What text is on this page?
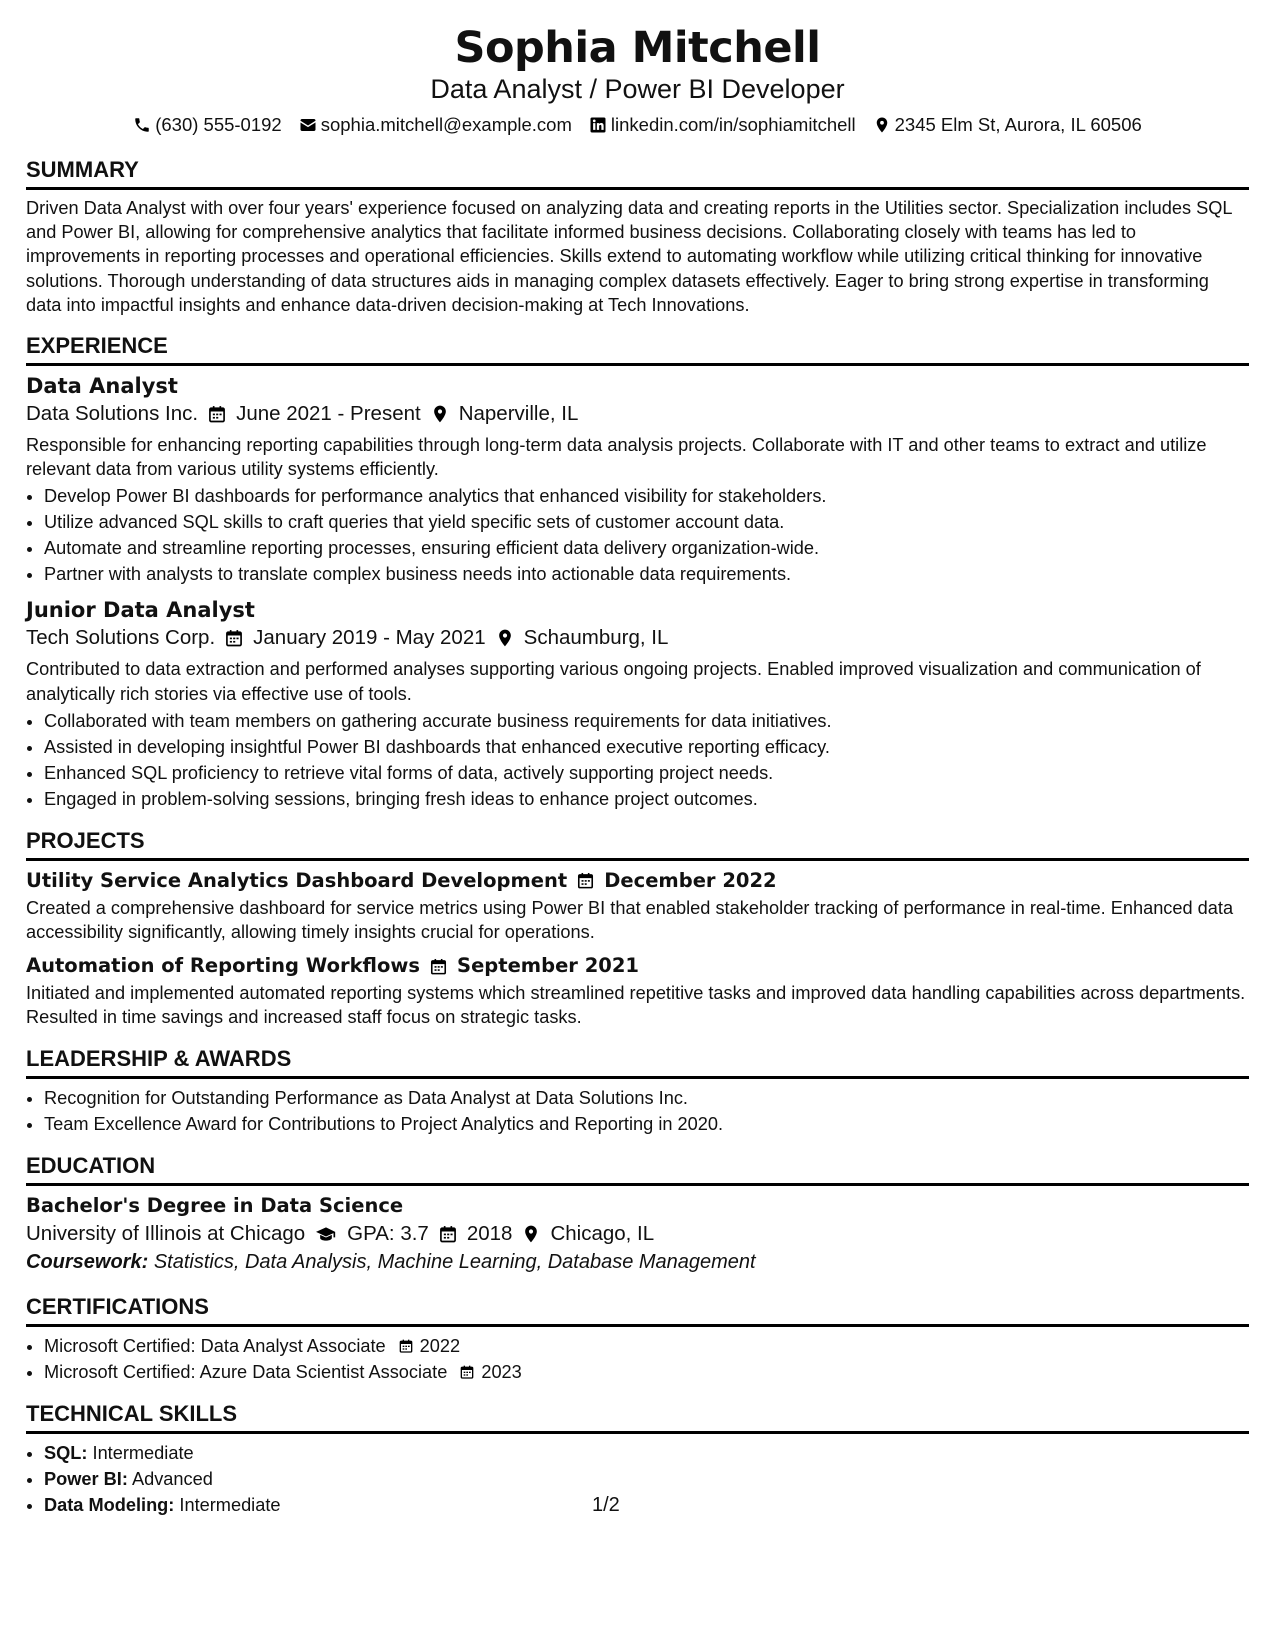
Sophia Mitchell
Data Analyst / Power BI Developer
(630) 555-0192 sophia.mitchell@example.com linkedin.com/in/sophiamitchell 2345 Elm St, Aurora, IL 60506
SUMMARY

Driven Data Analyst with over four years' experience focused on analyzing data and creating reports in the Utilities sector. Specialization includes SQL and Power BI, allowing for comprehensive analytics that facilitate informed business decisions. Collaborating closely with teams has led to improvements in reporting processes and operational efficiencies. Skills extend to automating workflow while utilizing critical thinking for innovative solutions. Thorough understanding of data structures aids in managing complex datasets effectively. Eager to bring strong expertise in transforming data into impactful insights and enhance data-driven decision-making at Tech Innovations.

EXPERIENCE
Data Analyst
Data Solutions Inc. June 2021 - Present Naperville, IL

Responsible for enhancing reporting capabilities through long-term data analysis projects. Collaborate with IT and other teams to extract and utilize relevant data from various utility systems efficiently.

• Develop Power BI dashboards for performance analytics that enhanced visibility for stakeholders.
• Utilize advanced SQL skills to craft queries that yield specific sets of customer account data.
• Automate and streamline reporting processes, ensuring efficient data delivery organization-wide.
• Partner with analysts to translate complex business needs into actionable data requirements.
Junior Data Analyst
Tech Solutions Corp. January 2019 - May 2021 Schaumburg, IL

Contributed to data extraction and performed analyses supporting various ongoing projects. Enabled improved visualization and communication of analytically rich stories via effective use of tools.

• Collaborated with team members on gathering accurate business requirements for data initiatives.
• Assisted in developing insightful Power BI dashboards that enhanced executive reporting efficacy.
• Enhanced SQL proficiency to retrieve vital forms of data, actively supporting project needs.
• Engaged in problem-solving sessions, bringing fresh ideas to enhance project outcomes.
PROJECTS
Utility Service Analytics Dashboard Development December 2022

Created a comprehensive dashboard for service metrics using Power BI that enabled stakeholder tracking of performance in real-time. Enhanced data accessibility significantly, allowing timely insights crucial for operations.

Automation of Reporting Workflows September 2021

Initiated and implemented automated reporting systems which streamlined repetitive tasks and improved data handling capabilities across departments. Resulted in time savings and increased staff focus on strategic tasks.

LEADERSHIP & AWARDS
• Recognition for Outstanding Performance as Data Analyst at Data Solutions Inc.
• Team Excellence Award for Contributions to Project Analytics and Reporting in 2020.
EDUCATION
Bachelor's Degree in Data Science
University of Illinois at Chicago GPA: 3.7 2018 Chicago, IL
Coursework: Statistics, Data Analysis, Machine Learning, Database Management
CERTIFICATIONS
• Microsoft Certified: Data Analyst Associate 2022
• Microsoft Certified: Azure Data Scientist Associate 2023
TECHNICAL SKILLS
• SQL: Intermediate
• Power BI: Advanced
• Data Modeling: Intermediate	1/2
